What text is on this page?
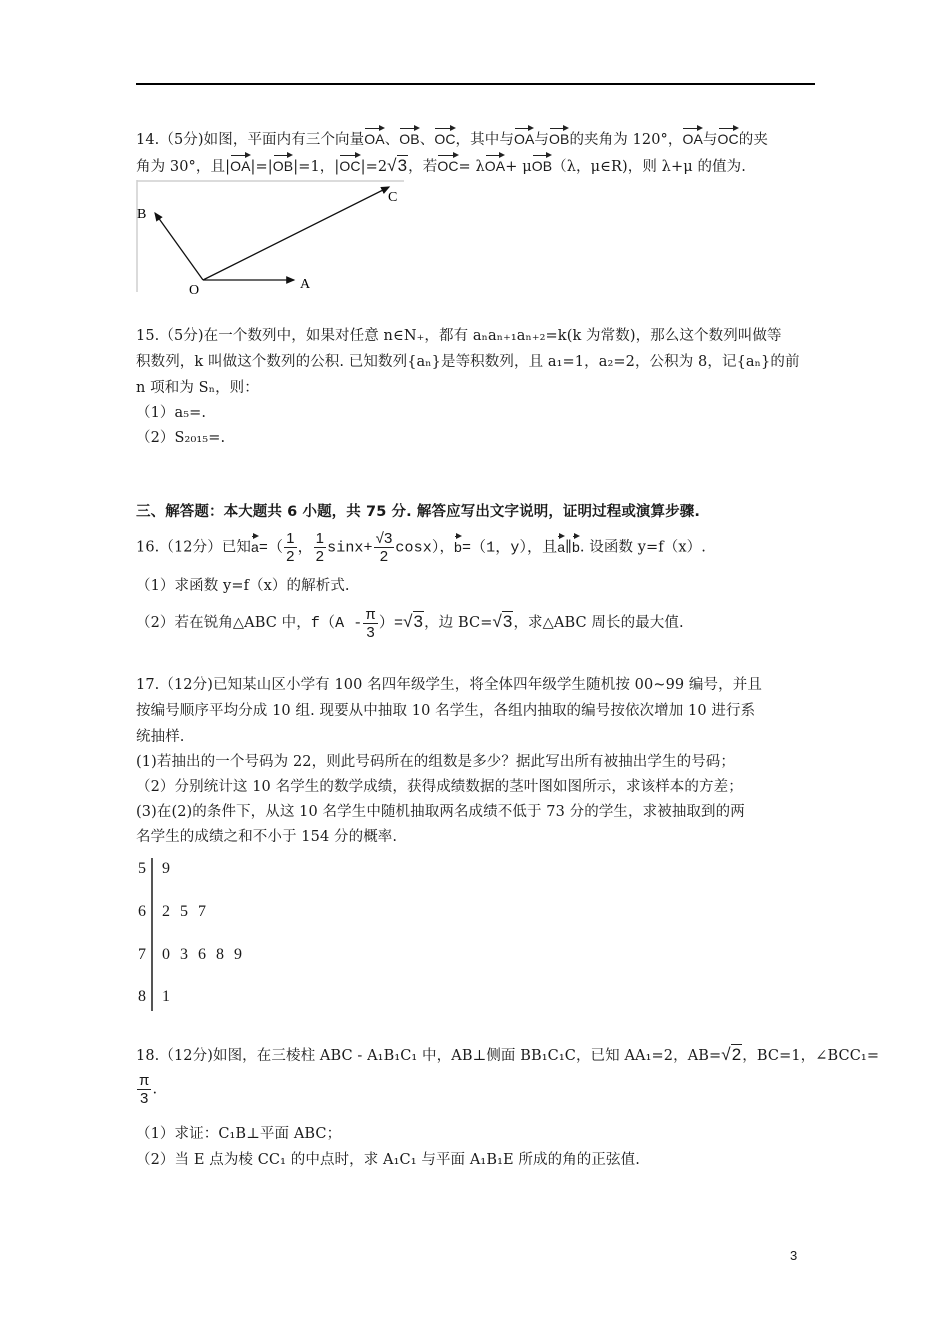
14.（5分)如图，平面内有三个向量OA、OB、OC，其中与OA与OB的夹角为 120°，OA与OC的夹
角为 30°，且|OA|=|OB|=1，|OC|=2√3，若OC= λOA+ μOB（λ，μ∈R)，则 λ+μ 的值为.
B
C
O	A
15.（5分)在一个数列中，如果对任意 n∈N₊，都有 aₙaₙ₊₁aₙ₊₂=k(k 为常数)，那么这个数列叫做等
积数列，k 叫做这个数列的公积. 已知数列{aₙ}是等积数列，且 a₁=1，a₂=2，公积为 8，记{aₙ}的前
n 项和为 Sₙ，则：
（1）a₅=.
（2）S₂₀₁₅=.
三、解答题：本大题共 6 小题，共 75 分. 解答应写出文字说明，证明过程或演算步骤.
16.（12分）已知$a=( \frac{1}{2}$ ， $\frac{1}{2} \sin x+ \frac{√3}{2} \cos x$），b=（1，y），且a∥b. 设函数 y=f（x）.
（1）求函数 y=f（x）的解析式.
（2）若在锐角△ABC 中，$f(A - \frac{\pi}{3} )=√3$，边 BC=√3，求△ABC 周长的最大值.
17.（12分)已知某山区小学有 100 名四年级学生，将全体四年级学生随机按 00~99 编号，并且
按编号顺序平均分成 10 组. 现要从中抽取 10 名学生，各组内抽取的编号按依次增加 10 进行系
统抽样.
(1)若抽出的一个号码为 22，则此号码所在的组数是多少？据此写出所有被抽出学生的号码；
（2）分别统计这 10 名学生的数学成绩，获得成绩数据的茎叶图如图所示，求该样本的方差；
(3)在(2)的条件下，从这 10 名学生中随机抽取两名成绩不低于 73 分的学生，求被抽取到的两
名学生的成绩之和不小于 154 分的概率.
5 9
6 2 5 7
7 0 3 6 8 9
8 1
18.（12分)如图，在三棱柱 ABC - A₁B₁C₁ 中，AB⊥侧面 BB₁C₁C，已知 AA₁=2，AB=√2，BC=1，∠BCC₁=
$\frac{\pi}{3}$ .
（1）求证：C₁B⊥平面 ABC；
（2）当 E 点为棱 CC₁ 的中点时，求 A₁C₁ 与平面 A₁B₁E 所成的角的正弦值.
3
